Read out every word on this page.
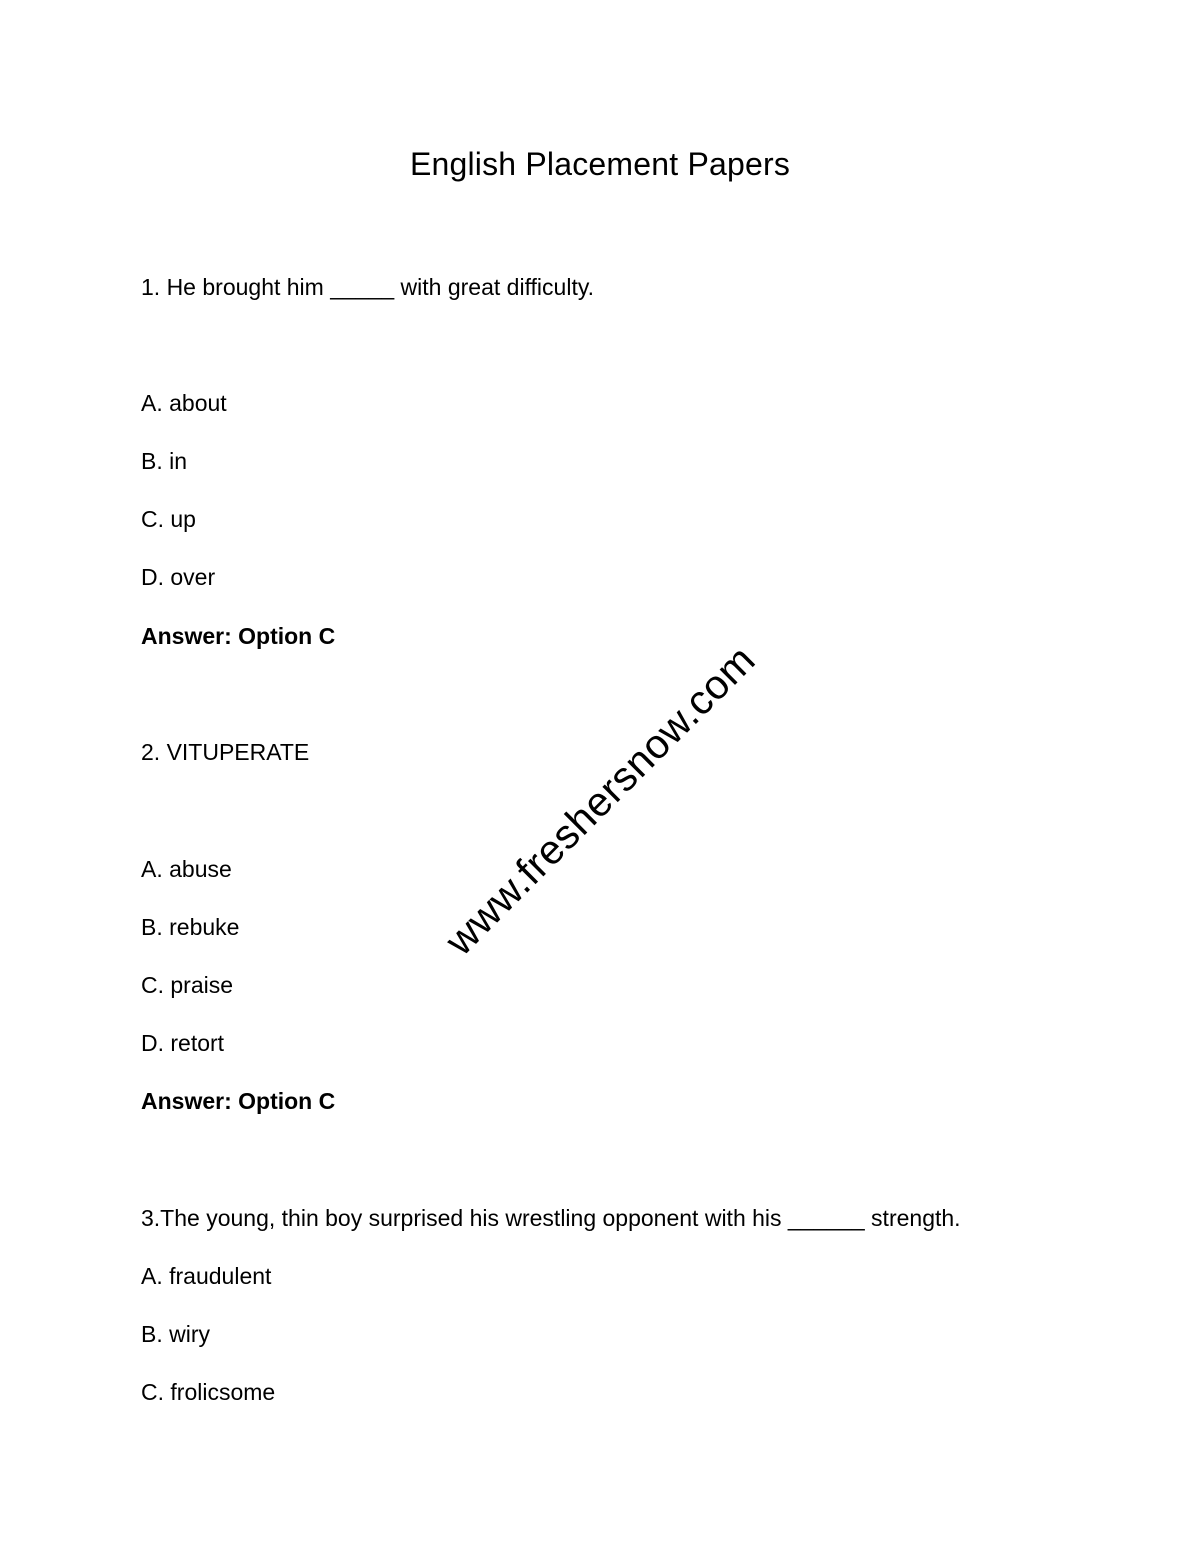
English Placement Papers
1. He brought him _____ with great difficulty.
A. about
B. in
C. up
D. over
Answer: Option C
2. VITUPERATE
A. abuse
B. rebuke
C. praise
D. retort
Answer: Option C
3.The young, thin boy surprised his wrestling opponent with his ______ strength.
A. fraudulent
B. wiry
C. frolicsome
www.freshersnow.com
